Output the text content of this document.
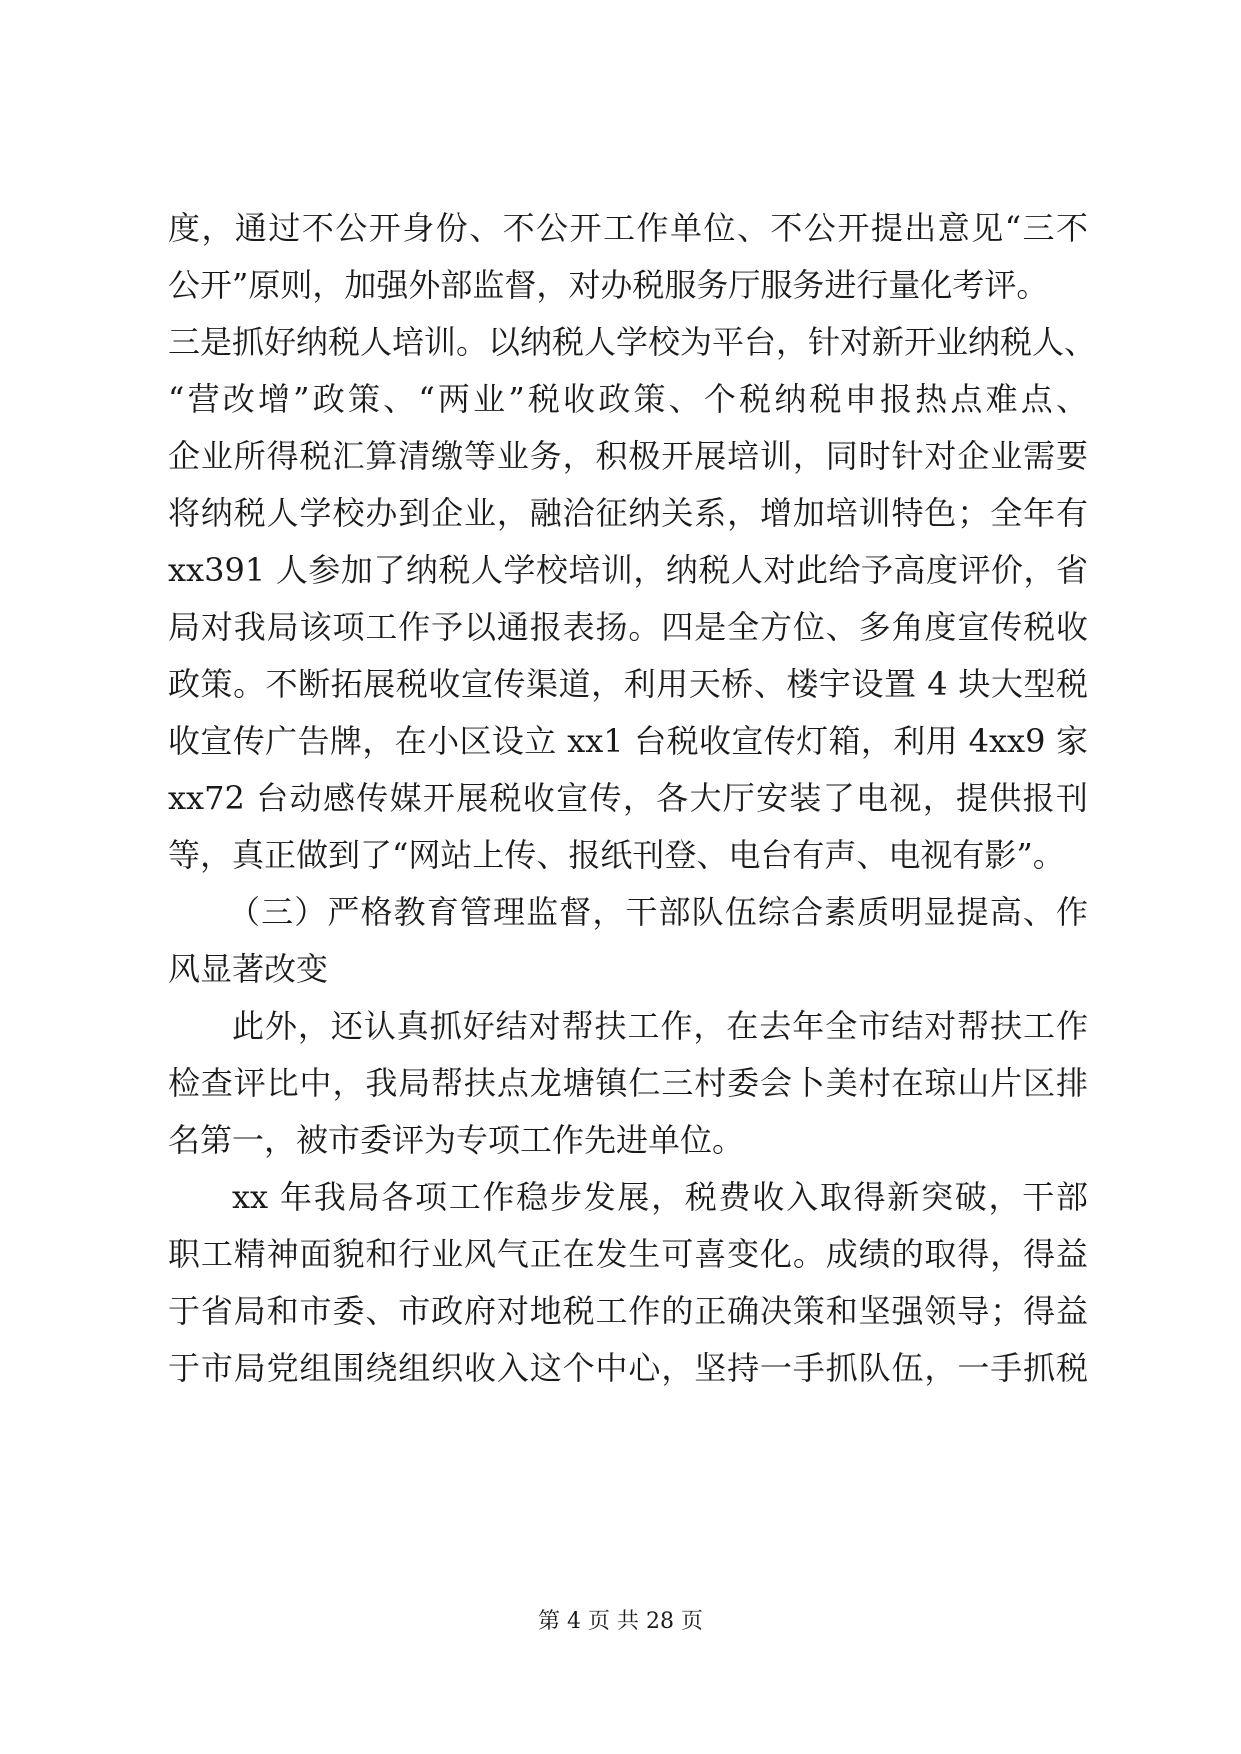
度，通过不公开身份、不公开工作单位、不公开提出意见“三不
公开”原则，加强外部监督，对办税服务厅服务进行量化考评。
三是抓好纳税人培训。以纳税人学校为平台，针对新开业纳税人、
“营改增”政策、“两业”税收政策、个税纳税申报热点难点、
企业所得税汇算清缴等业务，积极开展培训，同时针对企业需要
将纳税人学校办到企业，融洽征纳关系，增加培训特色；全年有
xx391 人参加了纳税人学校培训，纳税人对此给予高度评价，省
局对我局该项工作予以通报表扬。四是全方位、多角度宣传税收
政策。不断拓展税收宣传渠道，利用天桥、楼宇设置 4 块大型税
收宣传广告牌，在小区设立 xx1 台税收宣传灯箱，利用 4xx9 家
xx72 台动感传媒开展税收宣传，各大厅安装了电视，提供报刊
等，真正做到了“网站上传、报纸刊登、电台有声、电视有影”。
（三）严格教育管理监督，干部队伍综合素质明显提高、作
风显著改变
此外，还认真抓好结对帮扶工作，在去年全市结对帮扶工作
检查评比中，我局帮扶点龙塘镇仁三村委会卜美村在琼山片区排
名第一，被市委评为专项工作先进单位。
xx 年我局各项工作稳步发展，税费收入取得新突破，干部
职工精神面貌和行业风气正在发生可喜变化。成绩的取得，得益
于省局和市委、市政府对地税工作的正确决策和坚强领导；得益
于市局党组围绕组织收入这个中心，坚持一手抓队伍，一手抓税
第 4 页 共 28 页
